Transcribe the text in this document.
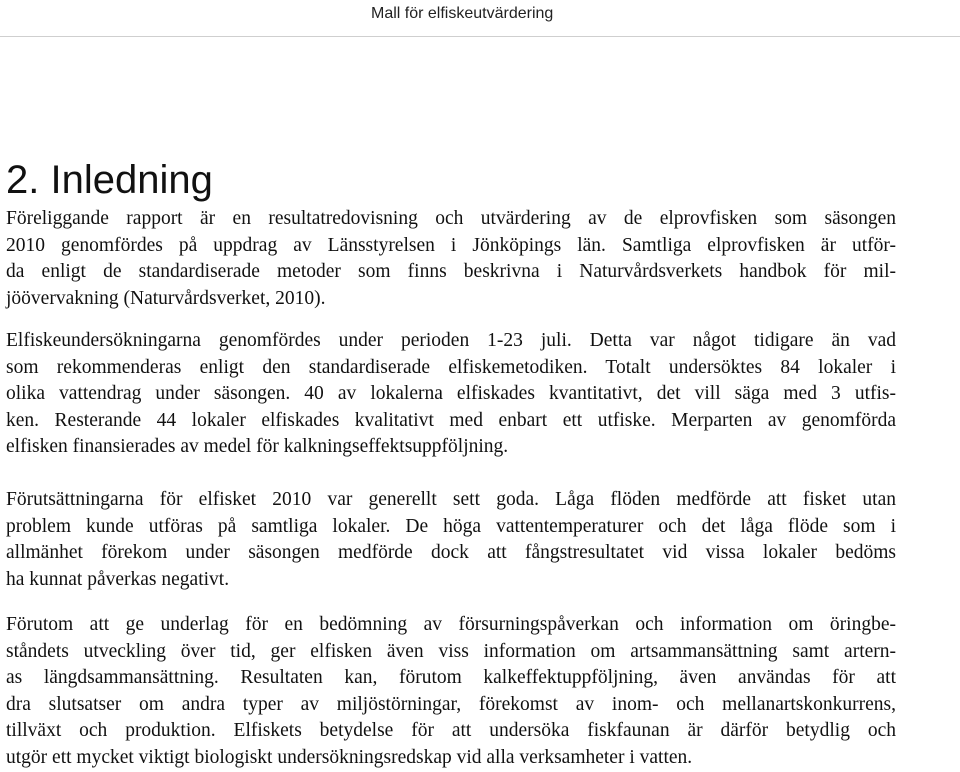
Mall för elfiskeutvärdering
2. Inledning
Föreliggande rapport är en resultatredovisning och utvärdering av de elprovfisken som säsongen
2010 genomfördes på uppdrag av Länsstyrelsen i Jönköpings län. Samtliga elprovfisken är utför-
da enligt de standardiserade metoder som finns beskrivna i Naturvårdsverkets handbok för mil-
jöövervakning (Naturvårdsverket, 2010).
Elfiskeundersökningarna genomfördes under perioden 1-23 juli. Detta var något tidigare än vad
som rekommenderas enligt den standardiserade elfiskemetodiken. Totalt undersöktes 84 lokaler i
olika vattendrag under säsongen. 40 av lokalerna elfiskades kvantitativt, det vill säga med 3 utfis-
ken. Resterande 44 lokaler elfiskades kvalitativt med enbart ett utfiske. Merparten av genomförda
elfisken finansierades av medel för kalkningseffektsuppföljning.
Förutsättningarna för elfisket 2010 var generellt sett goda. Låga flöden medförde att fisket utan
problem kunde utföras på samtliga lokaler. De höga vattentemperaturer och det låga flöde som i
allmänhet förekom under säsongen medförde dock att fångstresultatet vid vissa lokaler bedöms
ha kunnat påverkas negativt.
Förutom att ge underlag för en bedömning av försurningspåverkan och information om öringbe-
ståndets utveckling över tid, ger elfisken även viss information om artsammansättning samt artern-
as längdsammansättning. Resultaten kan, förutom kalkeffektuppföljning, även användas för att
dra slutsatser om andra typer av miljöstörningar, förekomst av inom- och mellanartskonkurrens,
tillväxt och produktion. Elfiskets betydelse för att undersöka fiskfaunan är därför betydlig och
utgör ett mycket viktigt biologiskt undersökningsredskap vid alla verksamheter i vatten.
